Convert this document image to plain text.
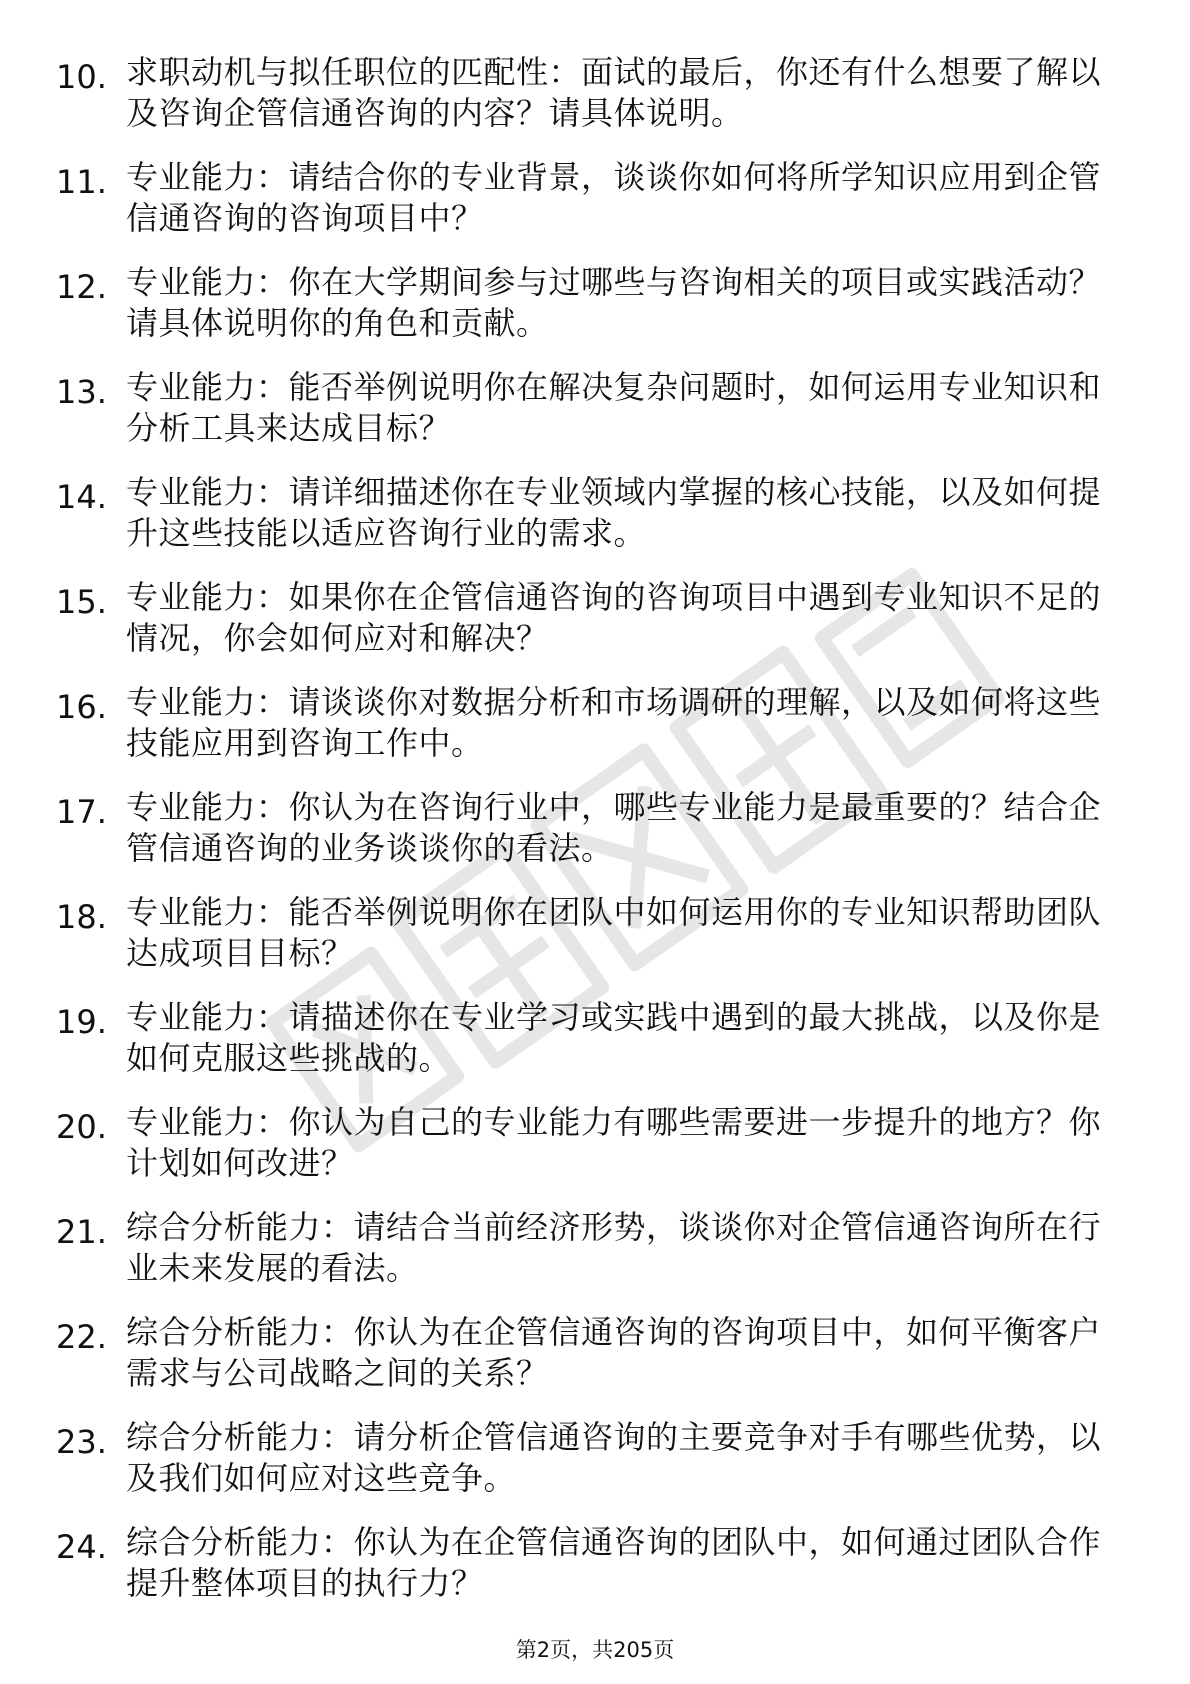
10. 求职动机与拟任职位的匹配性：面试的最后，你还有什么想要了解以及咨询企管信通咨询的内容？请具体说明。
11. 专业能力：请结合你的专业背景，谈谈你如何将所学知识应用到企管信通咨询的咨询项目中？
12. 专业能力：你在大学期间参与过哪些与咨询相关的项目或实践活动？请具体说明你的角色和贡献。
13. 专业能力：能否举例说明你在解决复杂问题时，如何运用专业知识和分析工具来达成目标？
14. 专业能力：请详细描述你在专业领域内掌握的核心技能，以及如何提升这些技能以适应咨询行业的需求。
15. 专业能力：如果你在企管信通咨询的咨询项目中遇到专业知识不足的情况，你会如何应对和解决？
16. 专业能力：请谈谈你对数据分析和市场调研的理解，以及如何将这些技能应用到咨询工作中。
17. 专业能力：你认为在咨询行业中，哪些专业能力是最重要的？结合企管信通咨询的业务谈谈你的看法。
18. 专业能力：能否举例说明你在团队中如何运用你的专业知识帮助团队达成项目目标？
19. 专业能力：请描述你在专业学习或实践中遇到的最大挑战，以及你是如何克服这些挑战的。
20. 专业能力：你认为自己的专业能力有哪些需要进一步提升的地方？你计划如何改进？
21. 综合分析能力：请结合当前经济形势，谈谈你对企管信通咨询所在行业未来发展的看法。
22. 综合分析能力：你认为在企管信通咨询的咨询项目中，如何平衡客户需求与公司战略之间的关系？
23. 综合分析能力：请分析企管信通咨询的主要竞争对手有哪些优势，以及我们如何应对这些竞争。
24. 综合分析能力：你认为在企管信通咨询的团队中，如何通过团队合作提升整体项目的执行力？
第2页，共205页
